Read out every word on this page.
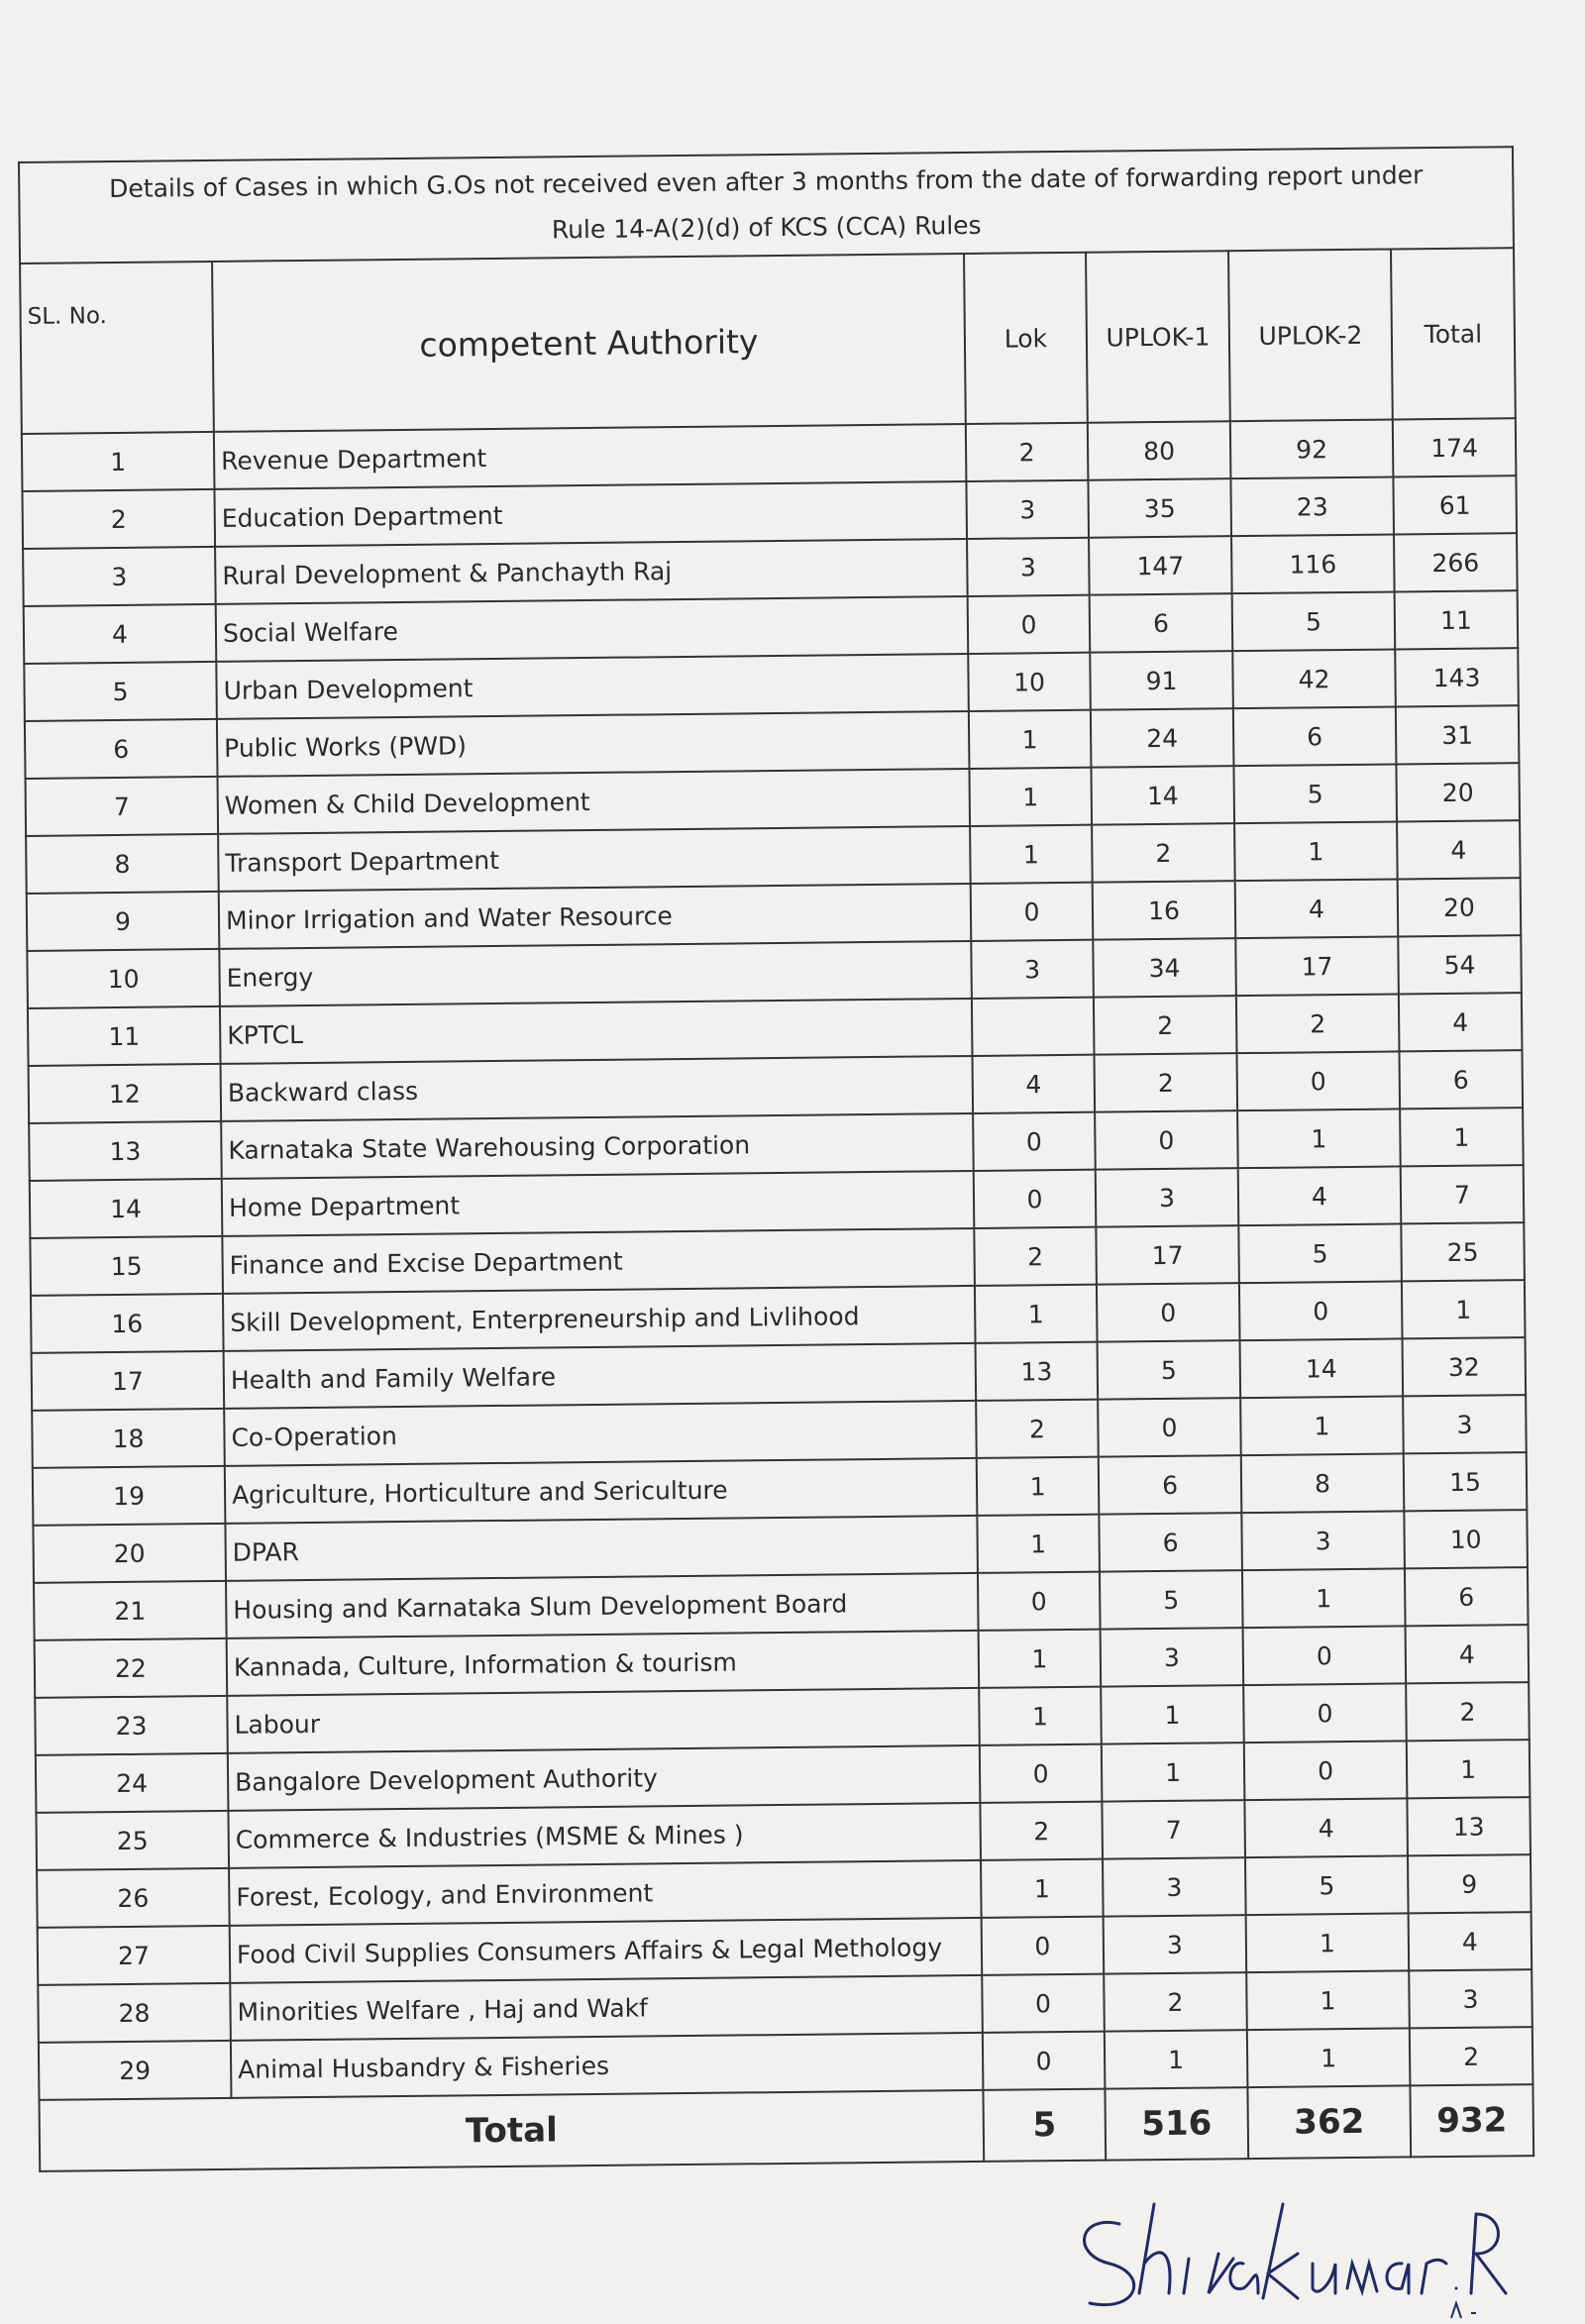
Details of Cases in which G.Os not received even after 3 months from the date of forwarding report under
Rule 14-A(2)(d) of KCS (CCA) Rules
SL. No.	competent Authority	Lok	UPLOK-1	UPLOK-2	Total
1	Revenue Department	2	80	92	174
2	Education Department	3	35	23	61
3	Rural Development & Panchayth Raj	3	147	116	266
4	Social Welfare	0	6	5	11
5	Urban Development	10	91	42	143
6	Public Works (PWD)	1	24	6	31
7	Women & Child Development	1	14	5	20
8	Transport Department	1	2	1	4
9	Minor Irrigation and Water Resource	0	16	4	20
10	Energy	3	34	17	54
11	KPTCL		2	2	4
12	Backward class	4	2	0	6
13	Karnataka State Warehousing Corporation	0	0	1	1
14	Home Department	0	3	4	7
15	Finance and Excise Department	2	17	5	25
16	Skill Development, Enterpreneurship and Livlihood	1	0	0	1
17	Health and Family Welfare	13	5	14	32
18	Co-Operation	2	0	1	3
19	Agriculture, Horticulture and Sericulture	1	6	8	15
20	DPAR	1	6	3	10
21	Housing and Karnataka Slum Development Board	0	5	1	6
22	Kannada, Culture, Information & tourism	1	3	0	4
23	Labour	1	1	0	2
24	Bangalore Development Authority	0	1	0	1
25	Commerce & Industries (MSME & Mines )	2	7	4	13
26	Forest, Ecology, and Environment	1	3	5	9
27	Food Civil Supplies Consumers Affairs & Legal Methology	0	3	1	4
28	Minorities Welfare , Haj and Wakf	0	2	1	3
29	Animal Husbandry & Fisheries	0	1	1	2
Total		5	516	362	932
